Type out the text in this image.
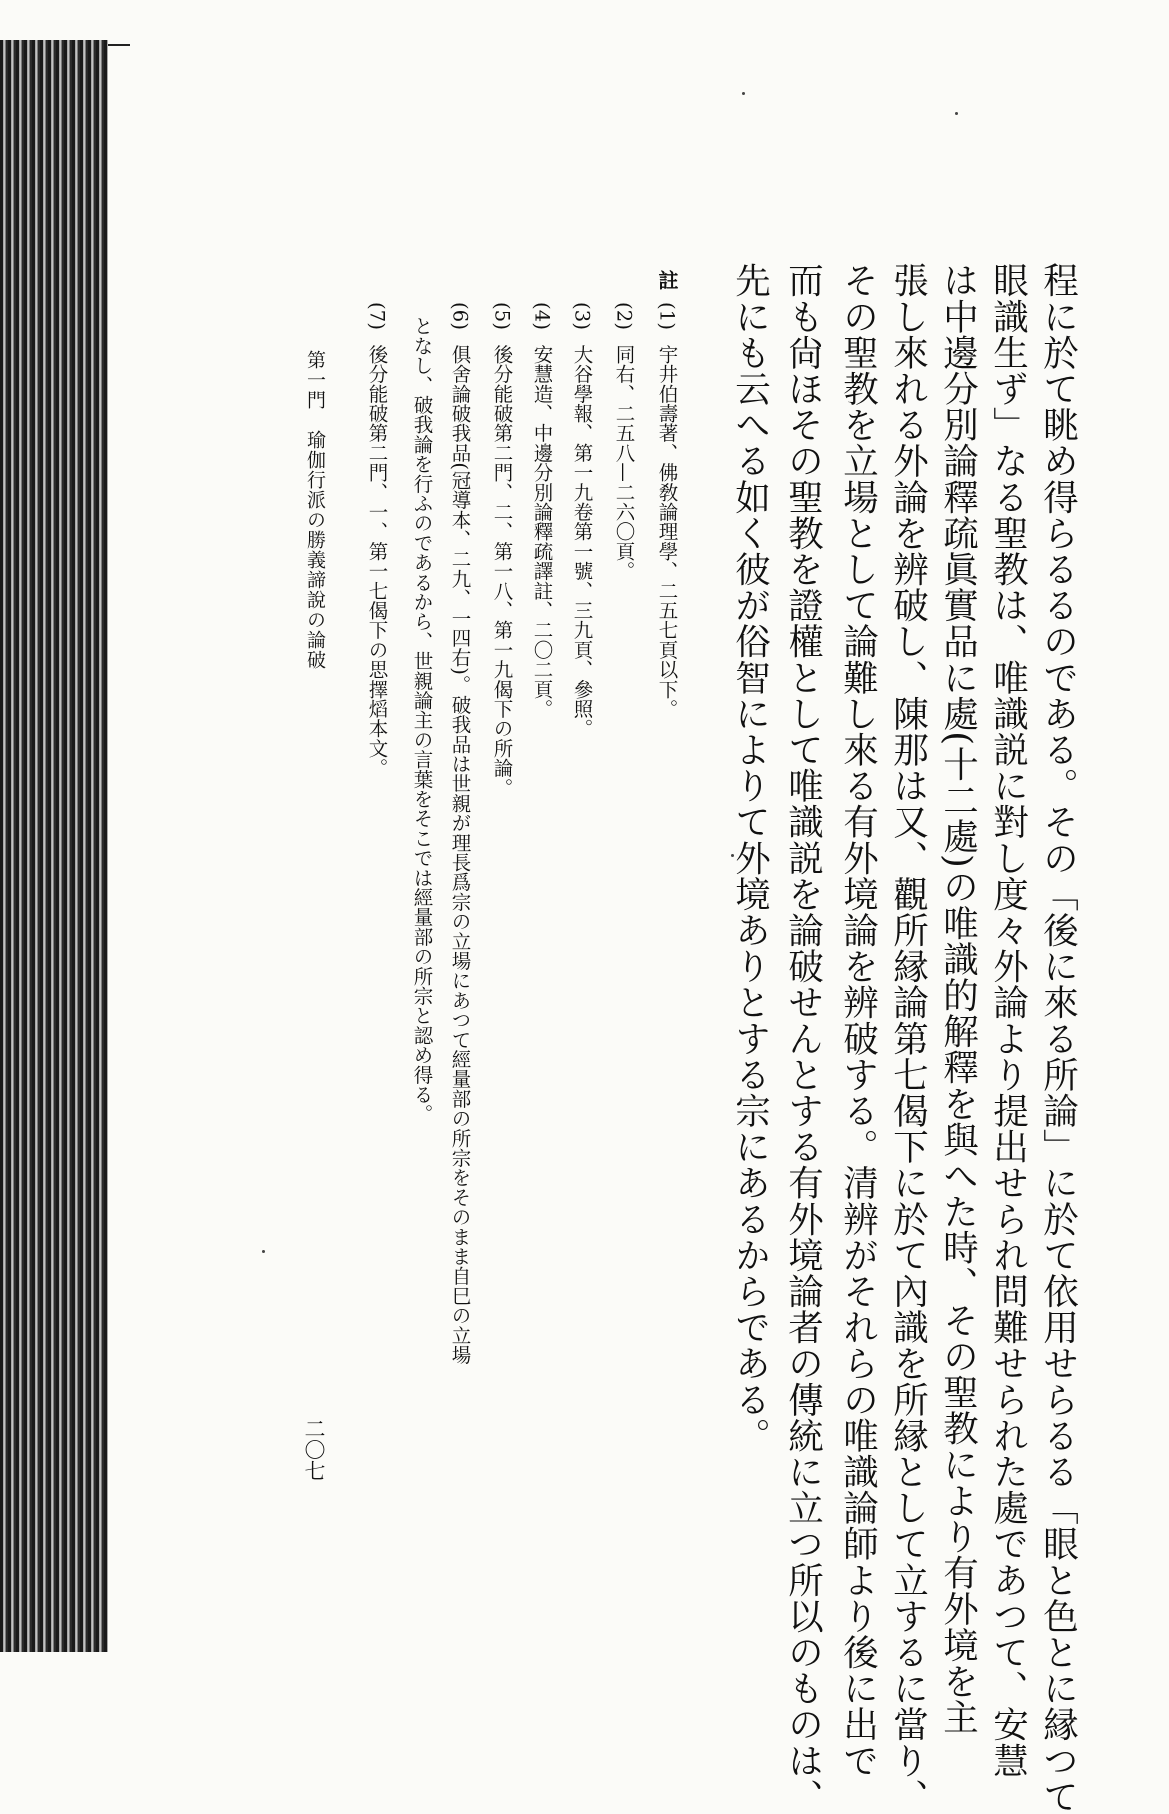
程に於て眺め得らるるのである。その「後に來る所論」に於て依用せらるる「眼と色とに縁つて
眼識生ず」なる聖教は、唯識説に對し度々外論より提出せられ問難せられた處であつて、安慧
は中邊分別論釋疏眞實品に處(十二處)の唯識的解釋を與へた時、その聖教により有外境を主
張し來れる外論を辨破し、陳那は又、觀所縁論第七偈下に於て內識を所縁として立するに當り、
その聖教を立場として論難し來る有外境論を辨破する。清辨がそれらの唯識論師より後に出で
而も尙ほその聖教を證權として唯識説を論破せんとする有外境論者の傳統に立つ所以のものは、
先にも云へる如く彼が俗智によりて外境ありとする宗にあるからである。
註
(1)宇井伯壽著、佛敎論理學、二五七頁以下。
(2)同右、二五八—二六〇頁。
(3)大谷學報、第一九卷第一號、三九頁、參照。
(4)安慧造、中邊分別論釋疏譯註、二〇二頁。
(5)後分能破第二門、二、第一八、第一九偈下の所論。
(6)俱舍論破我品(冠導本、二九、一四右)。破我品は世親が理長爲宗の立場にあつて經量部の所宗をそのまま自巳の立場
となし、破我論を行ふのであるから、世親論主の言葉をそこでは經量部の所宗と認め得る。
(7)後分能破第二門、一、第一七偈下の思擇熖本文。
第一門　瑜伽行派の勝義諦說の論破
二〇七
